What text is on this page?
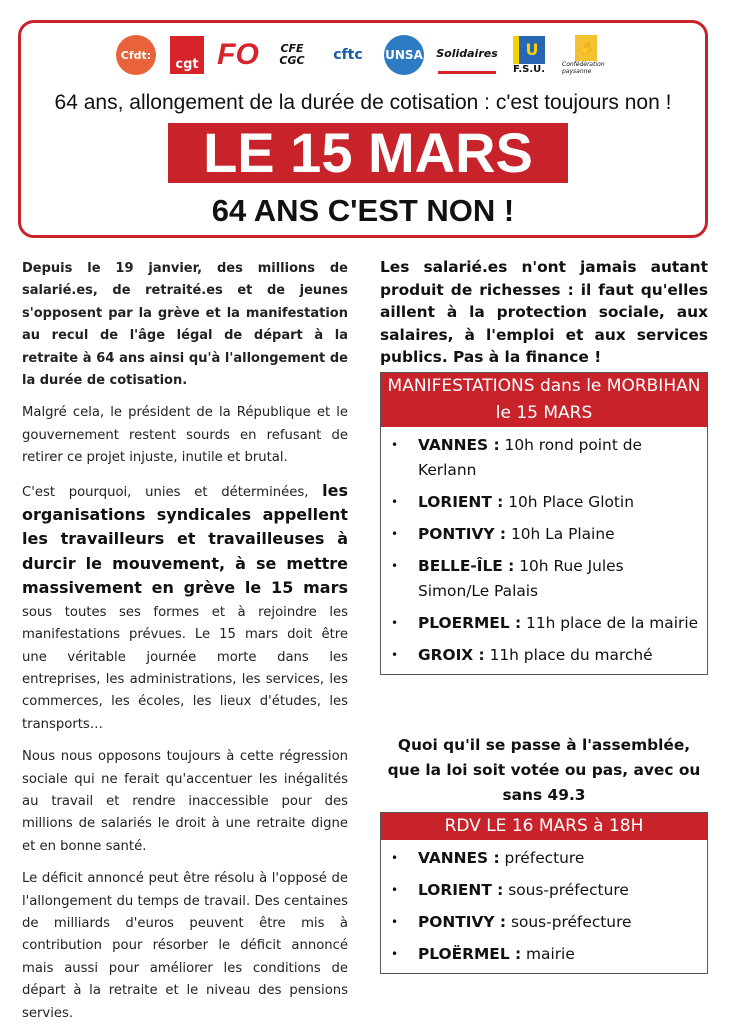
Cfdt:
cgt FO	CFE CGC	cftc	UNSA Solidaires	U
F.S.U.
✋
Confédération paysanne
64 ans, allongement de la durée de cotisation : c'est toujours non !
LE 15 MARS
64 ANS C'EST NON !

Depuis le 19 janvier, des millions de salarié.es, de retraité.es et de jeunes s'opposent par la grève et la manifestation au recul de l'âge légal de départ à la retraite à 64 ans ainsi qu'à l'allongement de la durée de cotisation.

Malgré cela, le président de la République et le gouvernement restent sourds en refusant de retirer ce projet injuste, inutile et brutal.

C'est pourquoi, unies et déterminées, les organisations syndicales appellent les travailleurs et travailleuses à durcir le mouvement, à se mettre massivement en grève le 15 mars sous toutes ses formes et à rejoindre les manifestations prévues. Le 15 mars doit être une véritable journée morte dans les entreprises, les administrations, les services, les commerces, les écoles, les lieux d'études, les transports…

Nous nous opposons toujours à cette régression sociale qui ne ferait qu'accentuer les inégalités au travail et rendre inaccessible pour des millions de salariés le droit à une retraite digne et en bonne santé.

Le déficit annoncé peut être résolu à l'opposé de l'allongement du temps de travail. Des centaines de milliards d'euros peuvent être mis à contribution pour résorber le déficit annoncé mais aussi pour améliorer les conditions de départ à la retraite et le niveau des pensions servies.

Les salarié.es n'ont jamais autant produit de richesses : il faut qu'elles aillent à la protection sociale, aux salaires, à l'emploi et aux services publics. Pas à la finance !

MANIFESTATIONS dans le MORBIHAN le 15 MARS
•	VANNES : 10h rond point de Kerlann
•	LORIENT : 10h Place Glotin
•	PONTIVY : 10h La Plaine
•	BELLE-ÎLE : 10h Rue Jules Simon/Le Palais
•	PLOERMEL : 11h place de la mairie
•	GROIX : 11h place du marché
Quoi qu'il se passe à l'assemblée, que la loi soit votée ou pas, avec ou sans 49.3
RDV LE 16 MARS à 18H
•	VANNES : préfecture
•	LORIENT : sous-préfecture
•	PONTIVY : sous-préfecture
•	PLOËRMEL : mairie
